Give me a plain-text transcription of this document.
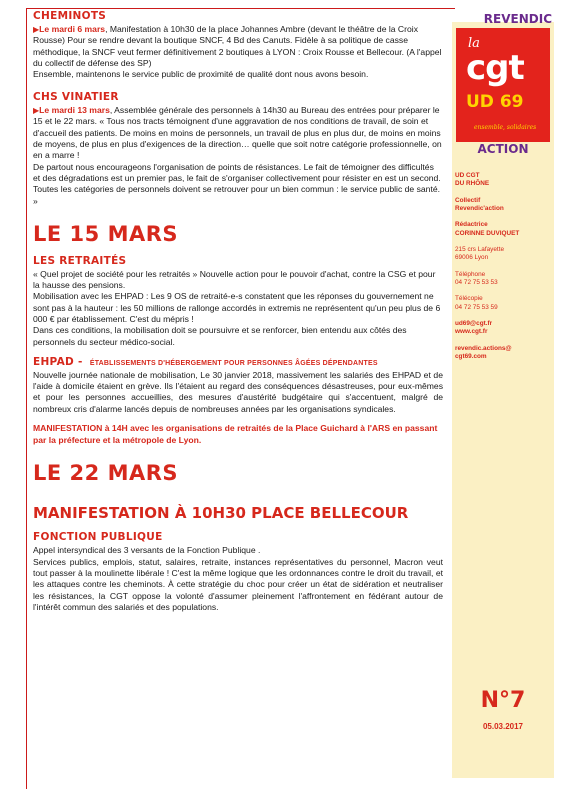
CHEMINOTS

▶Le mardi 6 mars, Manifestation à 10h30 de la place Johannes Ambre (devant le théâtre de la Croix Rousse) Pour se rendre devant la boutique SNCF, 4 Bd des Canuts. Fidèle à sa politique de casse méthodique, la SNCF veut fermer définitivement 2 boutiques à LYON : Croix Rousse et Bellecour. (A l'appel du collectif de défense des SP)

Ensemble, maintenons le service public de proximité de qualité dont nous avons besoin.

CHS VINATIER

▶Le mardi 13 mars, Assemblée générale des personnels à 14h30 au Bureau des entrées pour préparer le 15 et le 22 mars. « Tous nos tracts témoignent d'une aggravation de nos conditions de travail, de soin et d'accueil des patients. De moins en moins de personnels, un travail de plus en plus dur, de moins en moins de moyens, de plus en plus d'exigences de la direction… quelle que soit notre catégorie professionnelle, on en a marre !

De partout nous encourageons l'organisation de points de résistances. Le fait de témoigner des difficultés et des dégradations est un premier pas, le fait de s'organiser collectivement pour résister en est un second. Toutes les catégories de personnels doivent se retrouver pour un bien commun : le service public de santé. »

LE 15 MARS
LES RETRAITÉS

« Quel projet de société pour les retraités » Nouvelle action pour le pouvoir d'achat, contre la CSG et pour la hausse des pensions.

Mobilisation avec les EHPAD : Les 9 OS de retraité-e-s constatent que les réponses du gouvernement ne sont pas à la hauteur : les 50 millions de rallonge accordés in extremis ne représentent qu'un peu plus de 6 000 € par établissement. C'est du mépris !

Dans ces conditions, la mobilisation doit se poursuivre et se renforcer, bien entendu aux côtés des personnels du secteur médico-social.

EHPAD - ÉTABLISSEMENTS D'HÉBERGEMENT POUR PERSONNES ÂGÉES DÉPENDANTES

Nouvelle journée nationale de mobilisation, Le 30 janvier 2018, massivement les salariés des EHPAD et de l'aide à domicile étaient en grève. Ils l'étaient au regard des conséquences désastreuses, pour eux-mêmes et pour les personnes accueillies, des mesures d'austérité budgétaire qui s'accentuent, malgré de nombreux cris d'alarme lancés depuis de nombreuses années par les organisations syndicales.

MANIFESTATION à 14H avec les organisations de retraités de la Place Guichard à l'ARS en passant par la préfecture et la métropole de Lyon.

LE 22 MARS
MANIFESTATION À 10H30 PLACE BELLECOUR
FONCTION PUBLIQUE

Appel intersyndical des 3 versants de la Fonction Publique .

Services publics, emplois, statut, salaires, retraite, instances représentatives du personnel, Macron veut tout passer à la moulinette libérale ! C'est la même logique que les ordonnances contre le droit du travail, et les attaques contre les cheminots. À cette stratégie du choc pour créer un état de sidération et neutraliser les résistances, la CGT oppose la volonté d'assumer pleinement l'affrontement en fédérant autour de l'intérêt commun des salariés et des populations.

REVENDIC
la
cgt
UD 69
ensemble, solidaires
ACTION
UD CGT
DU RHÔNE
Collectif
Revendic'action
Rédactrice
CORINNE DUVIQUET
215 crs Lafayette
69006 Lyon
Téléphone
04 72 75 53 53
Télécopie
04 72 75 53 59
ud69@cgt.fr
www.cgt.fr
revendic.actions@
cgt69.com
N°7
05.03.2017
